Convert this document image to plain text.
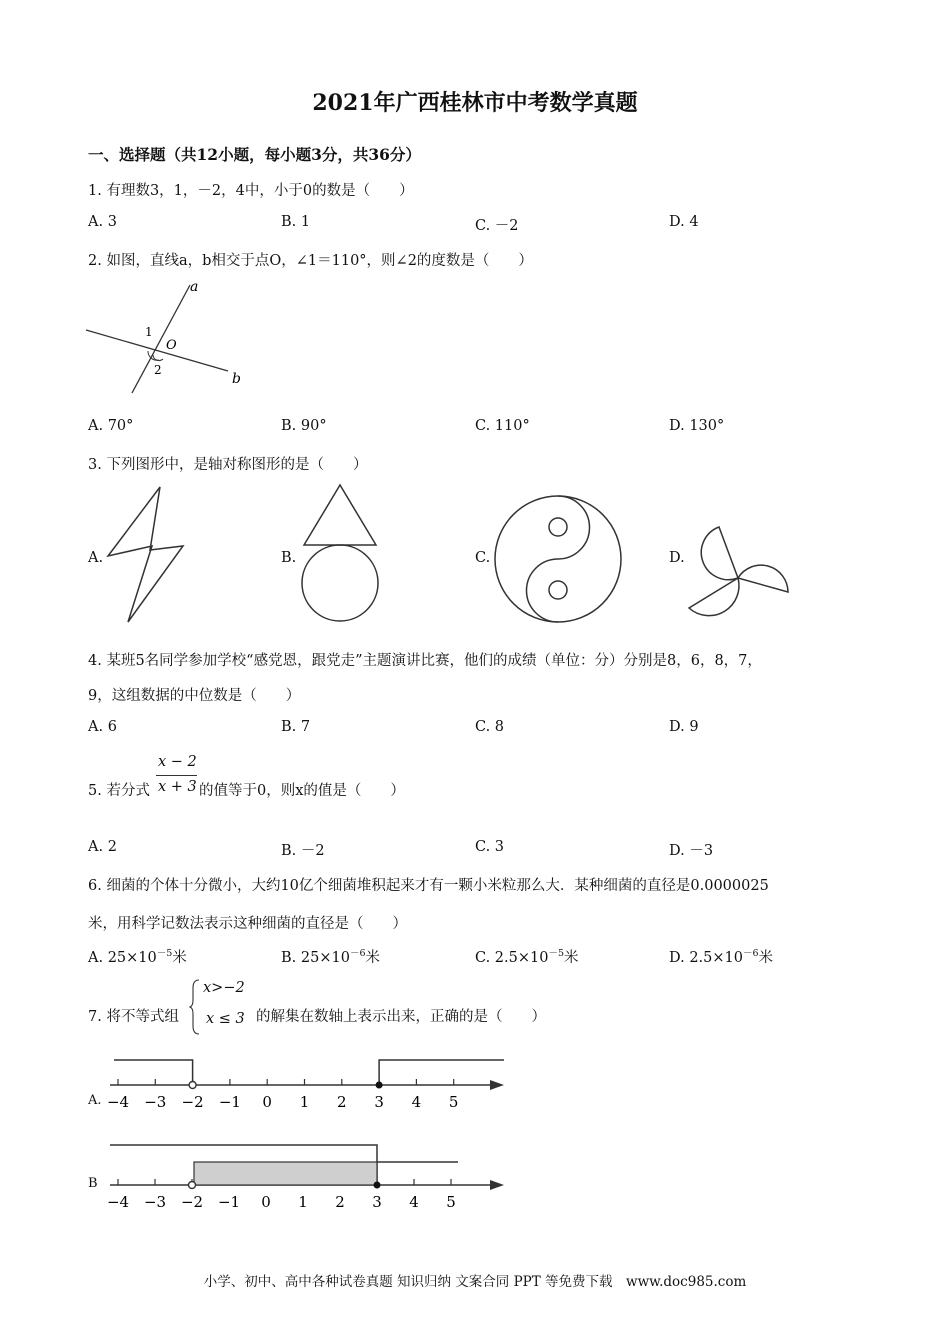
2021年广西桂林市中考数学真题
一、选择题（共12小题，每小题3分，共36分）
1. 有理数3，1，－2，4中，小于0的数是（　　）
A. 3	B. 1	C. －2	D. 4
2. 如图，直线a，b相交于点O，∠1＝110°，则∠2的度数是（　　）
a
b
O
1
2
A. 70°	B. 90°	C. 110°	D. 130°
3. 下列图形中，是轴对称图形的是（　　）
A.	B.	C.	D.
4. 某班5名同学参加学校“感党恩，跟党走”主题演讲比赛，他们的成绩（单位：分）分别是8，6，8，7，
9，这组数据的中位数是（　　）
A. 6	B. 7	C. 8	D. 9
5. 若分式
x − 2
x + 3 的值等于0，则x的值是（　　）
A. 2	B. －2	C. 3	D. －3
6. 细菌的个体十分微小，大约10亿个细菌堆积起来才有一颗小米粒那么大．某种细菌的直径是0.0000025
米，用科学记数法表示这种细菌的直径是（　　）
A. $25\times 10^{-5}$米	B. $25\times 10^{-6}$米	C. $2.5\times 10^{-5}$米	D. $2.5\times 10^{-6}$米
7. 将不等式组
x>−2
x ≤ 3 的解集在数轴上表示出来，正确的是（　　）
A. −4 −3 −2 −1 0 1 2 3 4 5
B
−4 −3 −2 −1 0 1 2 3 4 5
小学、初中、高中各种试卷真题 知识归纳 文案合同 PPT 等免费下载　www.doc985.com
